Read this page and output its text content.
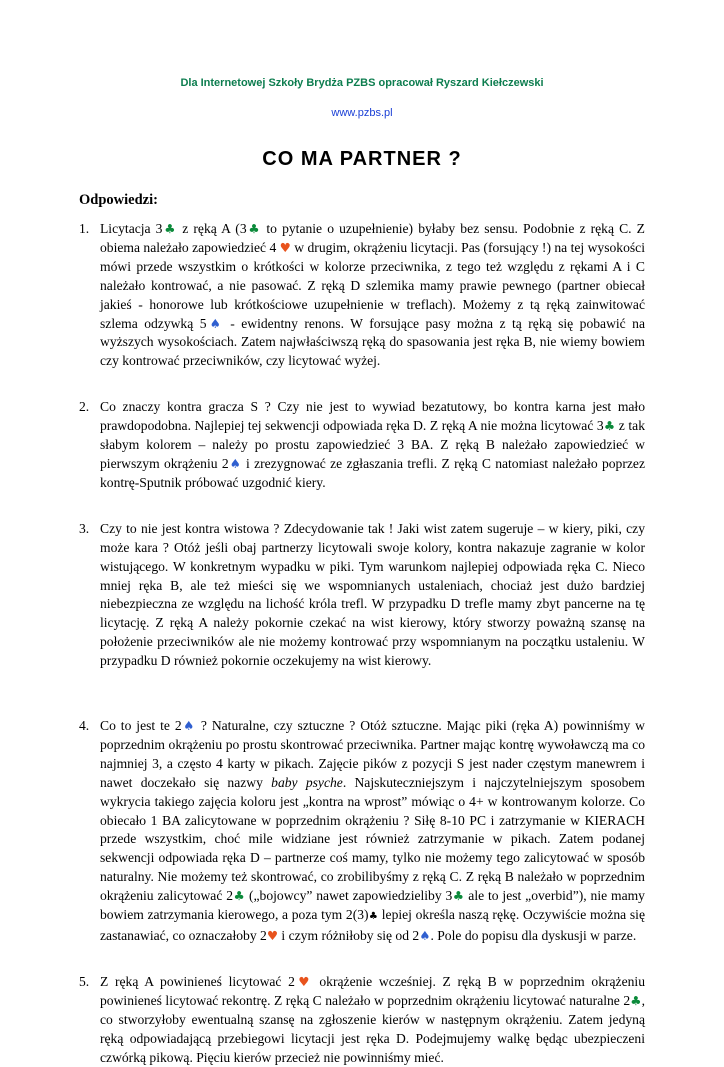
Dla Internetowej Szkoły Brydża PZBS opracował Ryszard Kiełczewski
www.pzbs.pl
CO MA PARTNER ?
Odpowiedzi:
1. Licytacja 3♣ z ręką A (3♣ to pytanie o uzupełnienie) byłaby bez sensu. Podobnie z ręką C. Z obiema należało zapowiedzieć 4 ♥ w drugim, okrążeniu licytacji. Pas (forsujący !) na tej wysokości mówi przede wszystkim o krótkości w kolorze przeciwnika, z tego też względu z rękami A i C należało kontrować, a nie pasować. Z ręką D szlemika mamy prawie pewnego (partner obiecał jakieś - honorowe lub krótkościowe uzupełnienie w treflach). Możemy z tą ręką zainwitować szlema odzywką 5♠ - ewidentny renons. W forsujące pasy można z tą ręką się pobawić na wyższych wysokościach. Zatem najwłaściwszą ręką do spasowania jest ręka B, nie wiemy bowiem czy kontrować przeciwników, czy licytować wyżej.
2. Co znaczy kontra gracza S ? Czy nie jest to wywiad bezatutowy, bo kontra karna jest mało prawdopodobna. Najlepiej tej sekwencji odpowiada ręka D. Z ręką A nie można licytować 3♣ z tak słabym kolorem – należy po prostu zapowiedzieć 3 BA. Z ręką B należało zapowiedzieć w pierwszym okrążeniu 2♠ i zrezygnować ze zgłaszania trefli. Z ręką C natomiast należało poprzez kontrę-Sputnik próbować uzgodnić kiery.
3. Czy to nie jest kontra wistowa ? Zdecydowanie tak ! Jaki wist zatem sugeruje – w kiery, piki, czy może kara ? Otóż jeśli obaj partnerzy licytowali swoje kolory, kontra nakazuje zagranie w kolor wistującego. W konkretnym wypadku w piki. Tym warunkom najlepiej odpowiada ręka C. Nieco mniej ręka B, ale też mieści się we wspomnianych ustaleniach, chociaż jest dużo bardziej niebezpieczna ze względu na lichość króla trefl. W przypadku D trefle mamy zbyt pancerne na tę licytację. Z ręką A należy pokornie czekać na wist kierowy, który stworzy poważną szansę na położenie przeciwników ale nie możemy kontrować przy wspomnianym na początku ustaleniu. W przypadku D również pokornie oczekujemy na wist kierowy.
4. Co to jest te 2♠ ? Naturalne, czy sztuczne ? Otóż sztuczne. Mając piki (ręka A) powinniśmy w poprzednim okrążeniu po prostu skontrować przeciwnika. Partner mając kontrę wywoławczą ma co najmniej 3, a często 4 karty w pikach. Zajęcie pików z pozycji S jest nader częstym manewrem i nawet doczekało się nazwy baby psyche. Najskuteczniejszym i najczytelniejszym sposobem wykrycia takiego zajęcia koloru jest „kontra na wprost” mówiąc o 4+ w kontrowanym kolorze. Co obiecało 1 BA zalicytowane w poprzednim okrążeniu ? Siłę 8-10 PC i zatrzymanie w KIERACH przede wszystkim, choć mile widziane jest również zatrzymanie w pikach. Zatem podanej sekwencji odpowiada ręka D – partnerze coś mamy, tylko nie możemy tego zalicytować w sposób naturalny. Nie możemy też skontrować, co zrobilibyśmy z ręką C. Z ręką B należało w poprzednim okrążeniu zalicytować 2♣ („bojowcy” nawet zapowiedzieliby 3♣ ale to jest „overbid”), nie mamy bowiem zatrzymania kierowego, a poza tym 2(3)♣ lepiej określa naszą rękę. Oczywiście można się zastanawiać, co oznaczałoby 2♥ i czym różniłoby się od 2♠. Pole do popisu dla dyskusji w parze.
5. Z ręką A powinieneś licytować 2♥ okrążenie wcześniej. Z ręką B w poprzednim okrążeniu powinieneś licytować rekontrę. Z ręką C należało w poprzednim okrążeniu licytować naturalne 2♣, co stworzyłoby ewentualną szansę na zgłoszenie kierów w następnym okrążeniu. Zatem jedyną ręką odpowiadającą przebiegowi licytacji jest ręka D. Podejmujemy walkę będąc ubezpieczeni czwórką pikową. Pięciu kierów przecież nie powinniśmy mieć.
